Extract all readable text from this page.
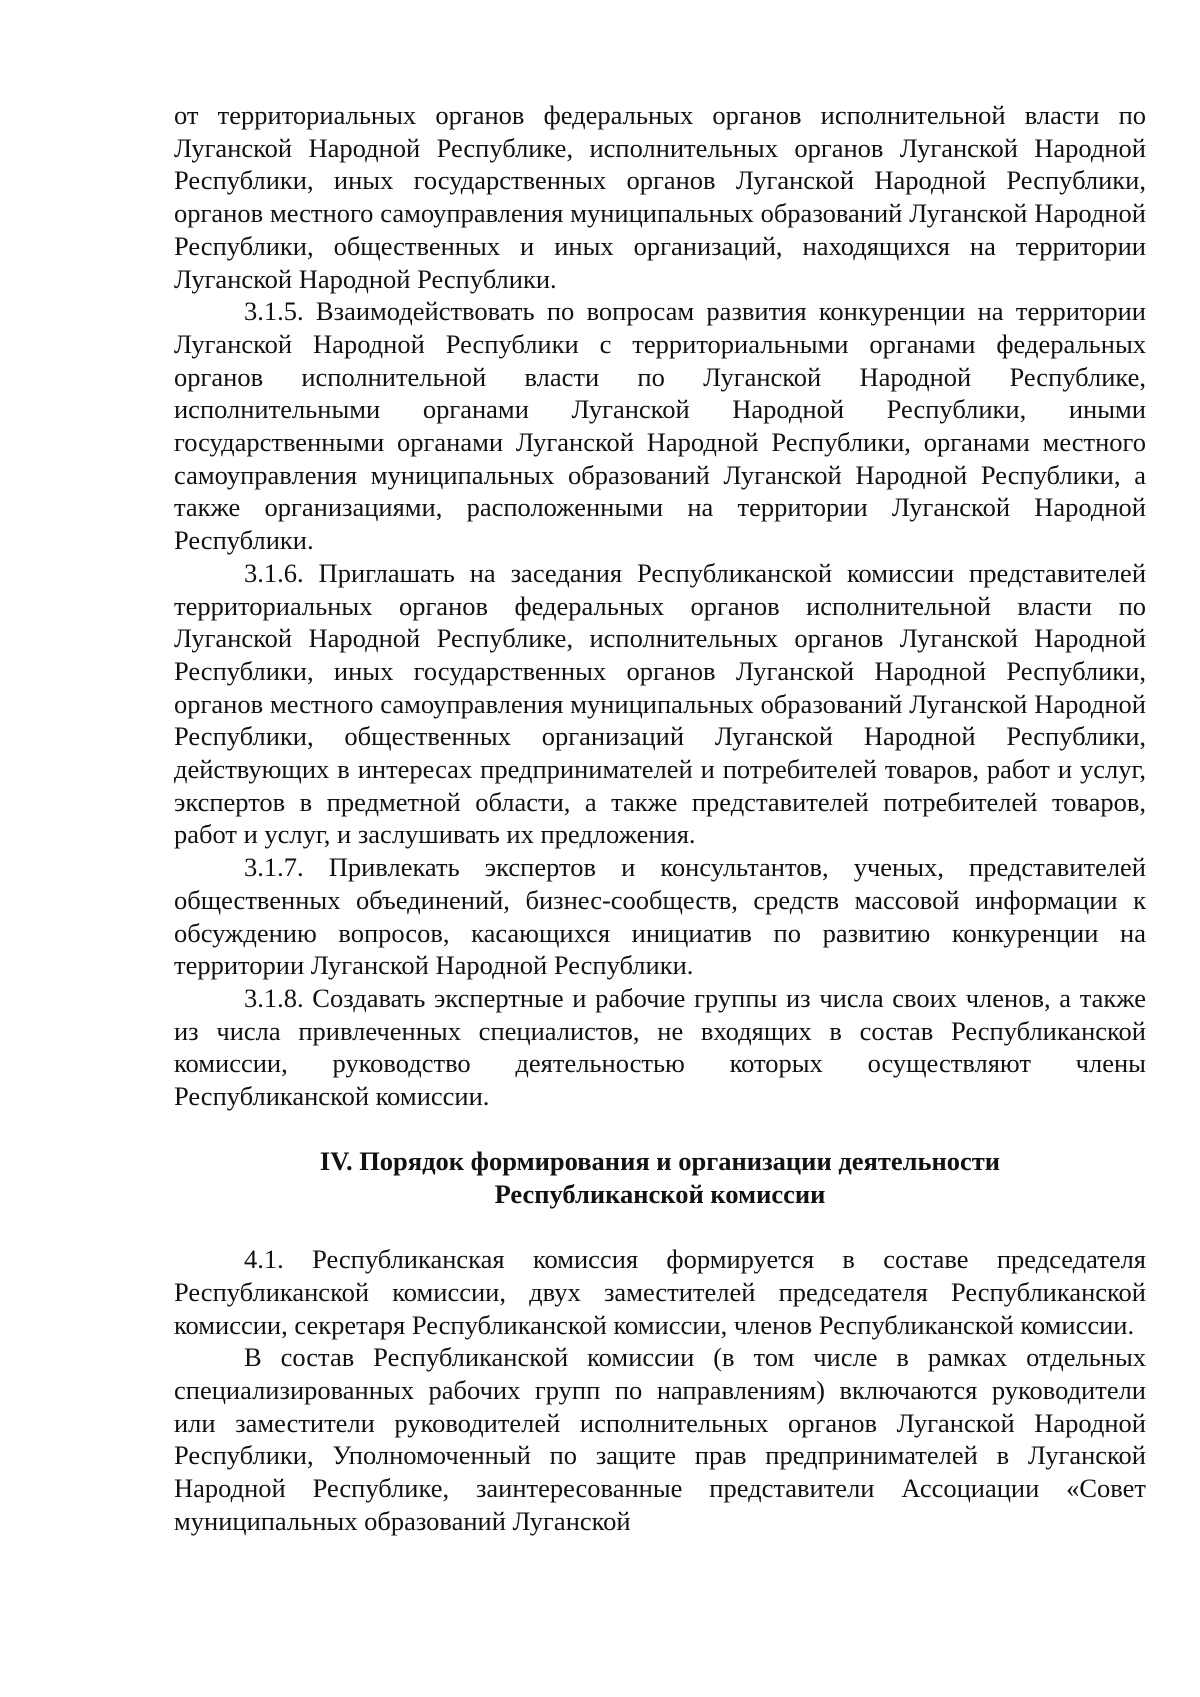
от территориальных органов федеральных органов исполнительной власти по Луганской Народной Республике, исполнительных органов Луганской Народной Республики, иных государственных органов Луганской Народной Республики, органов местного самоуправления муниципальных образований Луганской Народной Республики, общественных и иных организаций, находящихся на территории Луганской Народной Республики.

3.1.5. Взаимодействовать по вопросам развития конкуренции на территории Луганской Народной Республики с территориальными органами федеральных органов исполнительной власти по Луганской Народной Республике, исполнительными органами Луганской Народной Республики, иными государственными органами Луганской Народной Республики, органами местного самоуправления муниципальных образований Луганской Народной Республики, а также организациями, расположенными на территории Луганской Народной Республики.

3.1.6. Приглашать на заседания Республиканской комиссии представителей территориальных органов федеральных органов исполнительной власти по Луганской Народной Республике, исполнительных органов Луганской Народной Республики, иных государственных органов Луганской Народной Республики, органов местного самоуправления муниципальных образований Луганской Народной Республики, общественных организаций Луганской Народной Республики, действующих в интересах предпринимателей и потребителей товаров, работ и услуг, экспертов в предметной области, а также представителей потребителей товаров, работ и услуг, и заслушивать их предложения.

3.1.7. Привлекать экспертов и консультантов, ученых, представителей общественных объединений, бизнес-сообществ, средств массовой информации к обсуждению вопросов, касающихся инициатив по развитию конкуренции на территории Луганской Народной Республики.

3.1.8. Создавать экспертные и рабочие группы из числа своих членов, а также из числа привлеченных специалистов, не входящих в состав Республиканской комиссии, руководство деятельностью которых осуществляют члены Республиканской комиссии.

IV. Порядок формирования и организации деятельности

Республиканской комиссии

4.1. Республиканская комиссия формируется в составе председателя Республиканской комиссии, двух заместителей председателя Республиканской комиссии, секретаря Республиканской комиссии, членов Республиканской комиссии.

В состав Республиканской комиссии (в том числе в рамках отдельных специализированных рабочих групп по направлениям) включаются руководители или заместители руководителей исполнительных органов Луганской Народной Республики, Уполномоченный по защите прав предпринимателей в Луганской Народной Республике, заинтересованные представители Ассоциации «Совет муниципальных образований Луганской
